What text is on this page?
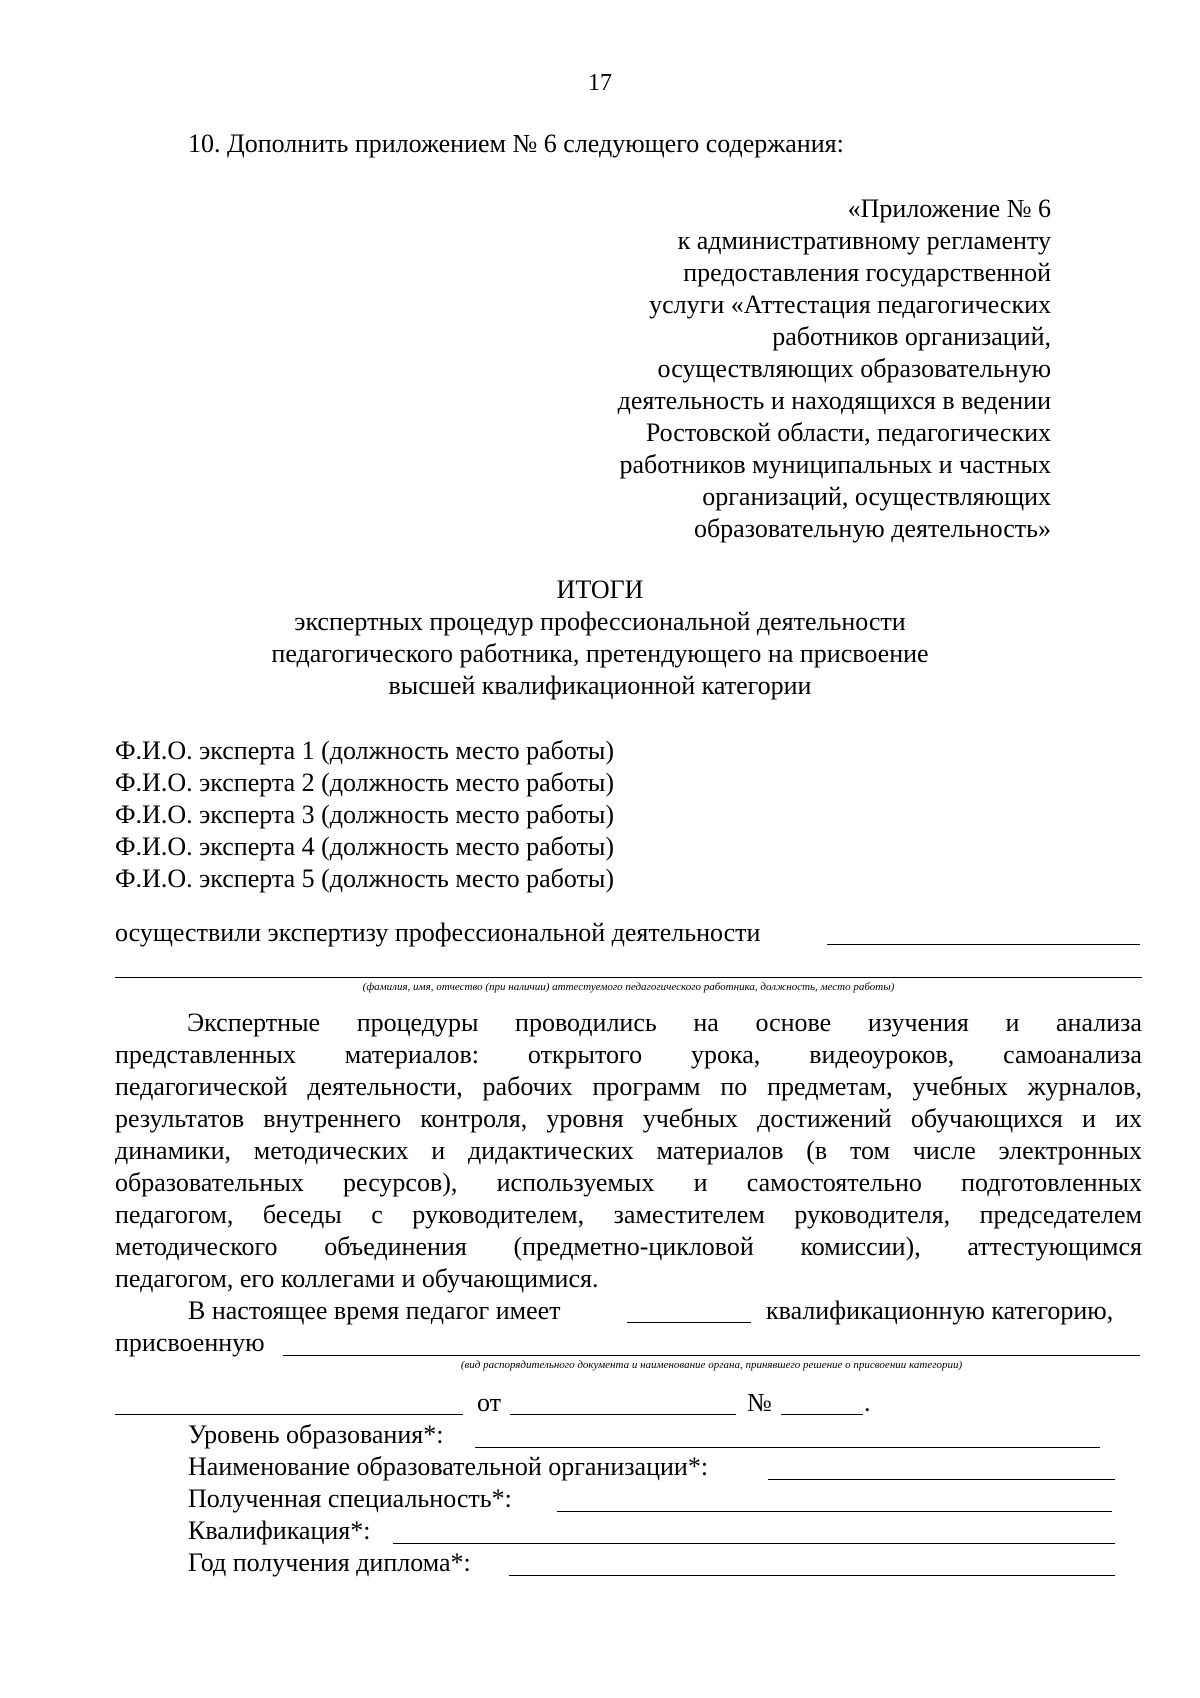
17
10. Дополнить приложением № 6 следующего содержания:
«Приложение № 6
к административному регламенту
предоставления государственной
услуги «Аттестация педагогических
работников организаций,
осуществляющих образовательную
деятельность и находящихся в ведении
Ростовской области, педагогических
работников муниципальных и частных
организаций, осуществляющих
образовательную деятельность»
ИТОГИ
экспертных процедур профессиональной деятельности
педагогического работника, претендующего на присвоение
высшей квалификационной категории
Ф.И.О. эксперта 1 (должность место работы)
Ф.И.О. эксперта 2 (должность место работы)
Ф.И.О. эксперта 3 (должность место работы)
Ф.И.О. эксперта 4 (должность место работы)
Ф.И.О. эксперта 5 (должность место работы)
осуществили экспертизу профессиональной деятельности
(фамилия, имя, отчество (при наличии) аттестуемого педагогического работника, должность, место работы)
Экспертные процедуры проводились на основе изучения и анализа
представленных материалов: открытого урока, видеоуроков, самоанализа
педагогической деятельности, рабочих программ по предметам, учебных журналов,
результатов внутреннего контроля, уровня учебных достижений обучающихся и их
динамики, методических и дидактических материалов (в том числе электронных
образовательных ресурсов), используемых и самостоятельно подготовленных
педагогом, беседы с руководителем, заместителем руководителя, председателем
методического объединения (предметно-цикловой комиссии), аттестующимся
педагогом, его коллегами и обучающимися.
В настоящее время педагог имеет	квалификационную категорию,
присвоенную
(вид распорядительного документа и наименование органа, принявшего решение о присвоении категории)
от	№	.
Уровень образования*:
Наименование образовательной организации*:
Полученная специальность*:
Квалификация*:
Год получения диплома*:
